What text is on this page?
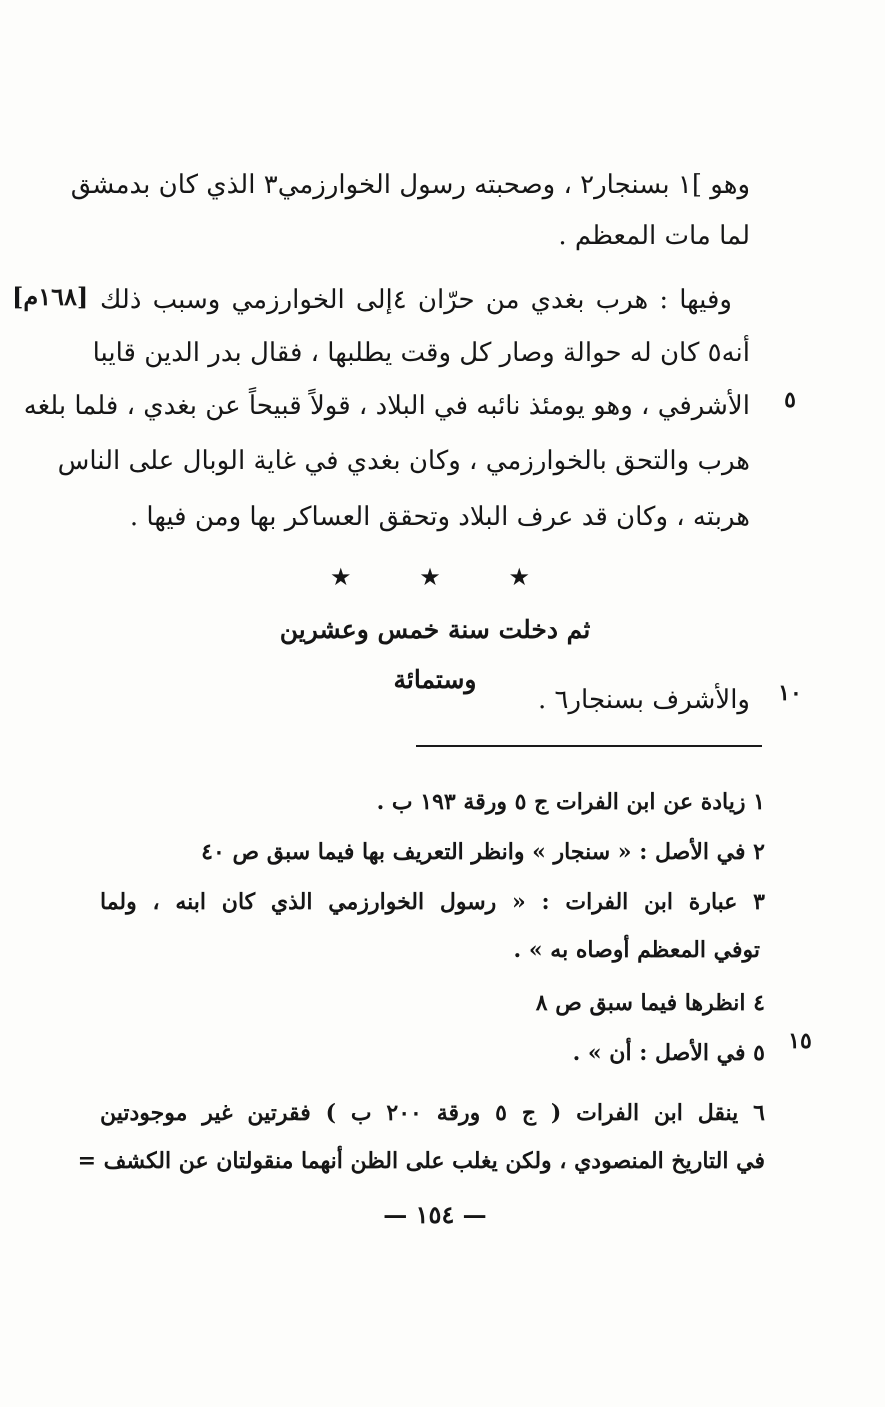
وهو ]١ بسنجار٢ ، وصحبته رسول الخوارزمي٣ الذي كان بدمشق
لما مات المعظم .
[١٦٨م] وفيها : هرب بغدي من حرّان ٤إلى الخوارزمي وسبب ذلك
أنه٥ كان له حوالة وصار كل وقت يطلبها ، فقال بدر الدين قايبا
الأشرفي ، وهو يومئذ نائبه في البلاد ، قولاً قبيحاً عن بغدي ، فلما بلغه	٥
هرب والتحق بالخوارزمي ، وكان بغدي في غاية الوبال على الناس
هربته ، وكان قد عرف البلاد وتحقق العساكر بها ومن فيها .
★	★	★
ثم دخلت سنة خمس وعشرين وستمائة
والأشرف بسنجار٦ .	١٠
١ زيادة عن ابن الفرات ج ٥ ورقة ١٩٣ ب .
٢ في الأصل : « سنجار » وانظر التعريف بها فيما سبق ص ٤٠
٣ عبارة ابن الفرات : « رسول الخوارزمي الذي كان ابنه ، ولما
توفي المعظم أوصاه به » .
٤ انظرها فيما سبق ص ٨
٥ في الأصل : أن » .	١٥
٦ ينقل ابن الفرات ( ج ٥ ورقة ٢٠٠ ب ) فقرتين غير موجودتين
في التاريخ المنصودي ، ولكن يغلب على الظن أنهما منقولتان عن الكشف =
— ١٥٤ —
